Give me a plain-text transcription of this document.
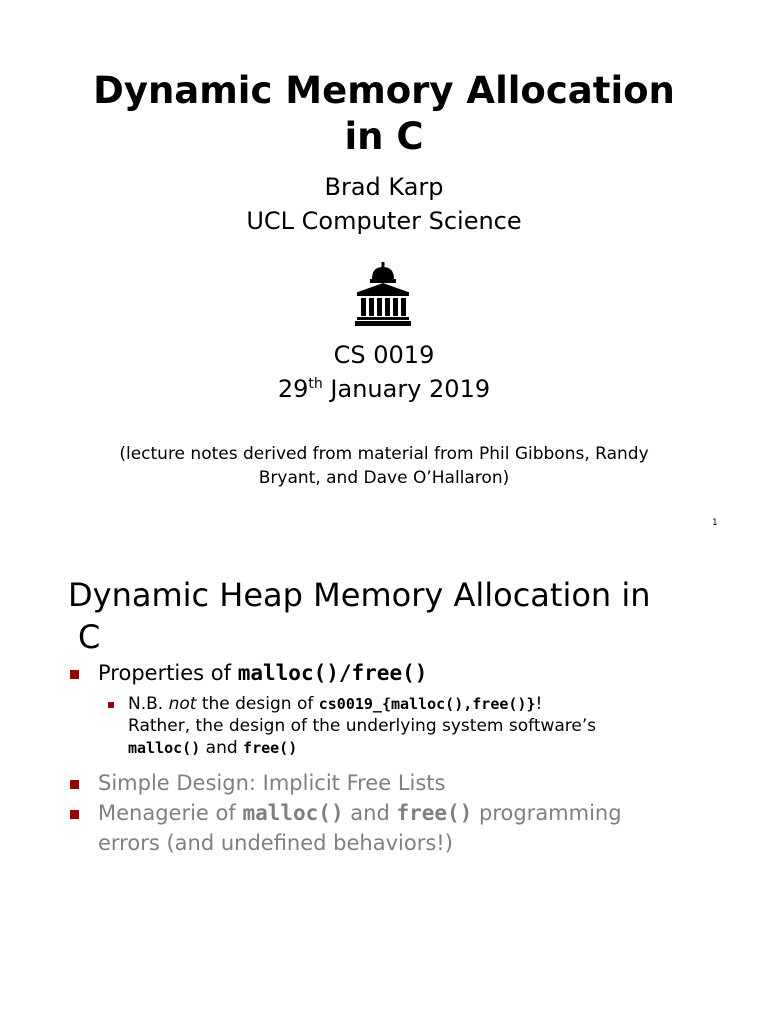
Dynamic Memory Allocation
in C
Brad Karp
UCL Computer Science
CS 0019
29th January 2019
(lecture notes derived from material from Phil Gibbons, Randy
Bryant, and Dave O’Hallaron)
1
Dynamic Heap Memory Allocation in
C
Properties of malloc()/free()
N.B. not the design of cs0019_{malloc(),free()}!
Rather, the design of the underlying system software’s
malloc() and free()
Simple Design: Implicit Free Lists
Menagerie of malloc() and free() programming
errors (and undefined behaviors!)
